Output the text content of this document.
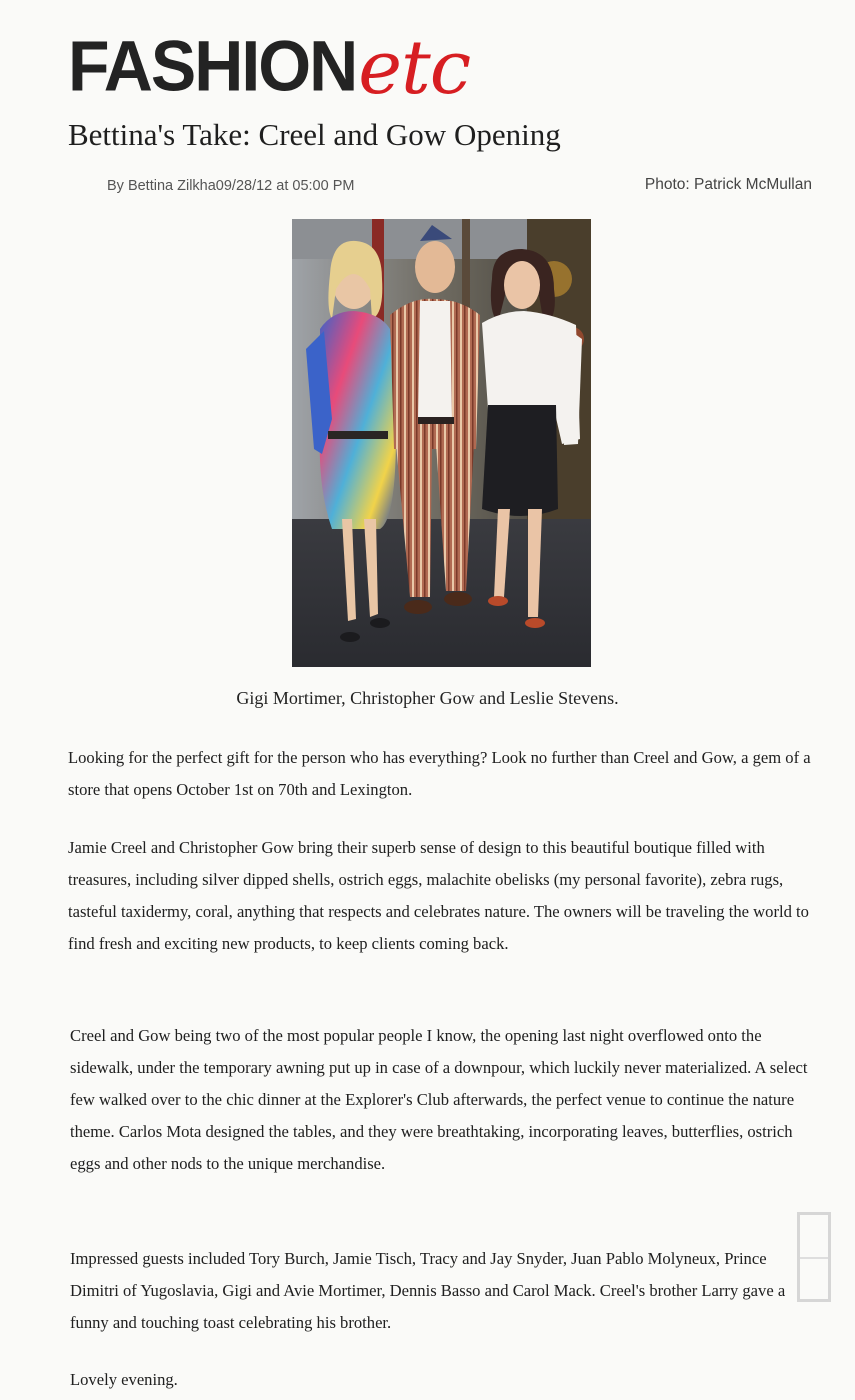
FASHION etc
Bettina's Take: Creel and Gow Opening
By Bettina Zilkha09/28/12 at 05:00 PM	Photo: Patrick McMullan
Gigi Mortimer, Christopher Gow and Leslie Stevens.

Looking for the perfect gift for the person who has everything? Look no further than Creel and Gow, a gem of a store that opens October 1st on 70th and Lexington.

Jamie Creel and Christopher Gow bring their superb sense of design to this beautiful boutique filled with treasures, including silver dipped shells, ostrich eggs, malachite obelisks (my personal favorite), zebra rugs, tasteful taxidermy, coral, anything that respects and celebrates nature. The owners will be traveling the world to find fresh and exciting new products, to keep clients coming back.

Creel and Gow being two of the most popular people I know, the opening last night overflowed onto the sidewalk, under the temporary awning put up in case of a downpour, which luckily never materialized. A select few walked over to the chic dinner at the Explorer's Club afterwards, the perfect venue to continue the nature theme. Carlos Mota designed the tables, and they were breathtaking, incorporating leaves, butterflies, ostrich eggs and other nods to the unique merchandise.

Impressed guests included Tory Burch, Jamie Tisch, Tracy and Jay Snyder, Juan Pablo Molyneux, Prince Dimitri of Yugoslavia, Gigi and Avie Mortimer, Dennis Basso and Carol Mack. Creel's brother Larry gave a funny and touching toast celebrating his brother.

Lovely evening.
